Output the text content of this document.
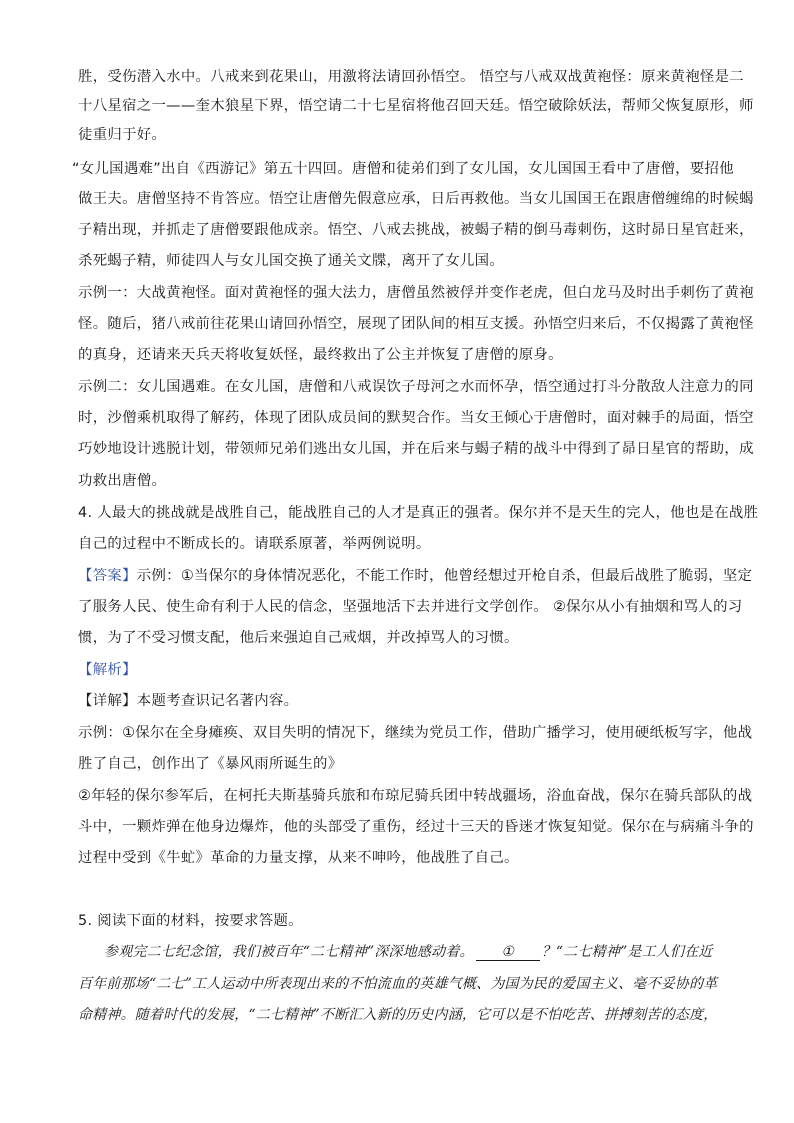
胜，受伤潜入水中。八戒来到花果山，用激将法请回孙悟空。 悟空与八戒双战黄袍怪：原来黄袍怪是二
十八星宿之一——奎木狼星下界，悟空请二十七星宿将他召回天廷。悟空破除妖法，帮师父恢复原形，师
徒重归于好。
“女儿国遇难”出自《西游记》第五十四回。唐僧和徒弟们到了女儿国，女儿国国王看中了唐僧，要招他
做王夫。唐僧坚持不肯答应。悟空让唐僧先假意应承，日后再救他。当女儿国国王在跟唐僧缠绵的时候蝎
子精出现，并抓走了唐僧要跟他成亲。悟空、八戒去挑战，被蝎子精的倒马毒刺伤，这时昴日星官赶来，
杀死蝎子精，师徒四人与女儿国交换了通关文牒，离开了女儿国。
示例一：大战黄袍怪。面对黄袍怪的强大法力，唐僧虽然被俘并变作老虎，但白龙马及时出手刺伤了黄袍
怪。随后，猪八戒前往花果山请回孙悟空，展现了团队间的相互支援。孙悟空归来后，不仅揭露了黄袍怪
的真身，还请来天兵天将收复妖怪，最终救出了公主并恢复了唐僧的原身。
示例二：女儿国遇难。在女儿国，唐僧和八戒误饮子母河之水而怀孕，悟空通过打斗分散敌人注意力的同
时，沙僧乘机取得了解药，体现了团队成员间的默契合作。当女王倾心于唐僧时，面对棘手的局面，悟空
巧妙地设计逃脱计划，带领师兄弟们逃出女儿国，并在后来与蝎子精的战斗中得到了昴日星官的帮助，成
功救出唐僧。
4. 人最大的挑战就是战胜自己，能战胜自己的人才是真正的强者。保尔并不是天生的完人，他也是在战胜
自己的过程中不断成长的。请联系原著，举两例说明。
【答案】示例：①当保尔的身体情况恶化，不能工作时，他曾经想过开枪自杀，但最后战胜了脆弱，坚定
了服务人民、使生命有利于人民的信念，坚强地活下去并进行文学创作。 ②保尔从小有抽烟和骂人的习
惯，为了不受习惯支配，他后来强迫自己戒烟，并改掉骂人的习惯。
【解析】
【详解】本题考查识记名著内容。
示例：①保尔在全身瘫痪、双目失明的情况下，继续为党员工作，借助广播学习，使用硬纸板写字，他战
胜了自己，创作出了《暴风雨所诞生的》
②年轻的保尔参军后，在柯托夫斯基骑兵旅和布琼尼骑兵团中转战疆场，浴血奋战，保尔在骑兵部队的战
斗中，一颗炸弹在他身边爆炸，他的头部受了重伤，经过十三天的昏迷才恢复知觉。保尔在与病痛斗争的
过程中受到《牛虻》革命的力量支撑，从来不呻吟，他战胜了自己。
5. 阅读下面的材料，按要求答题。
参观完二七纪念馆，我们被百年“二七精神”深深地感动着。 ① ？“二七精神”是工人们在近
百年前那场“二七”工人运动中所表现出来的不怕流血的英雄气概、为国为民的爱国主义、毫不妥协的革
命精神。随着时代的发展，“二七精神”不断汇入新的历史内涵，它可以是不怕吃苦、拼搏刻苦的态度，
